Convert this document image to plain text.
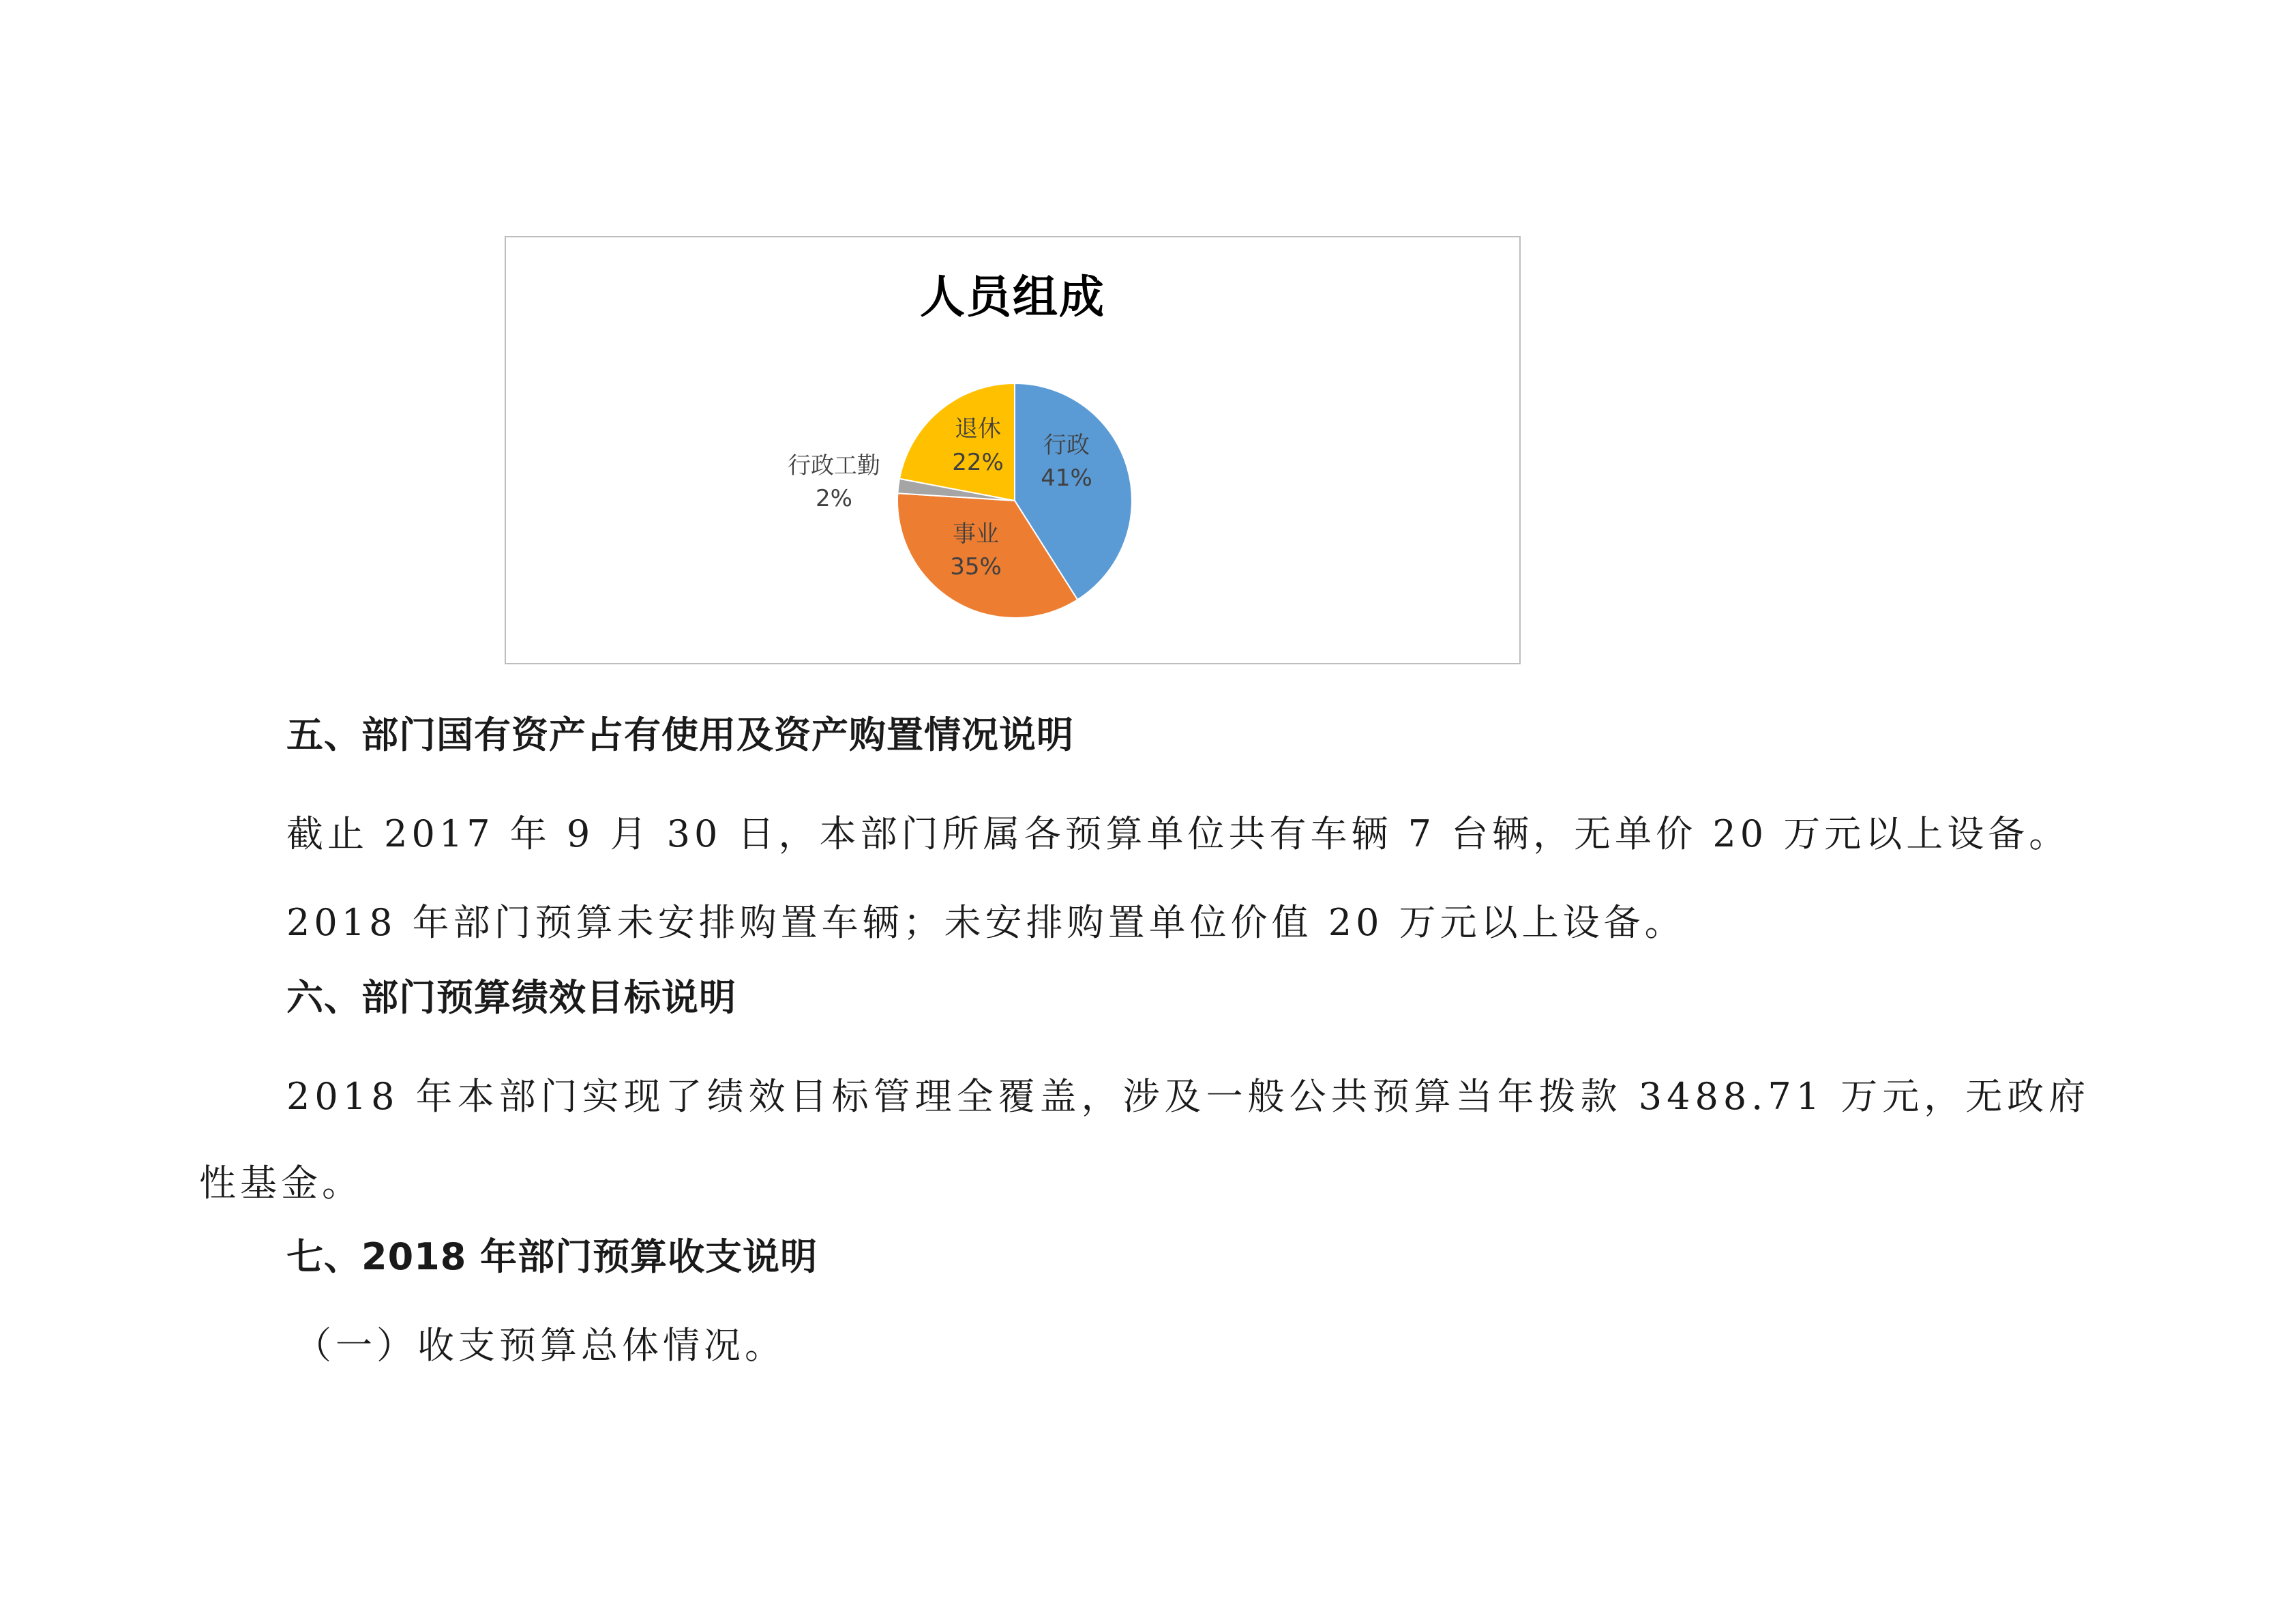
人员组成
行政
41%
事业
35%
行政工勤
2%
退休
22%
五、部门国有资产占有使用及资产购置情况说明
截止 2017 年 9 月 30 日，本部门所属各预算单位共有车辆 7 台辆，无单价 20 万元以上设备。
2018 年部门预算未安排购置车辆；未安排购置单位价值 20 万元以上设备。
六、部门预算绩效目标说明
2018 年本部门实现了绩效目标管理全覆盖，涉及一般公共预算当年拨款 3488.71 万元，无政府
性基金。
七、2018 年部门预算收支说明
（一）收支预算总体情况。
